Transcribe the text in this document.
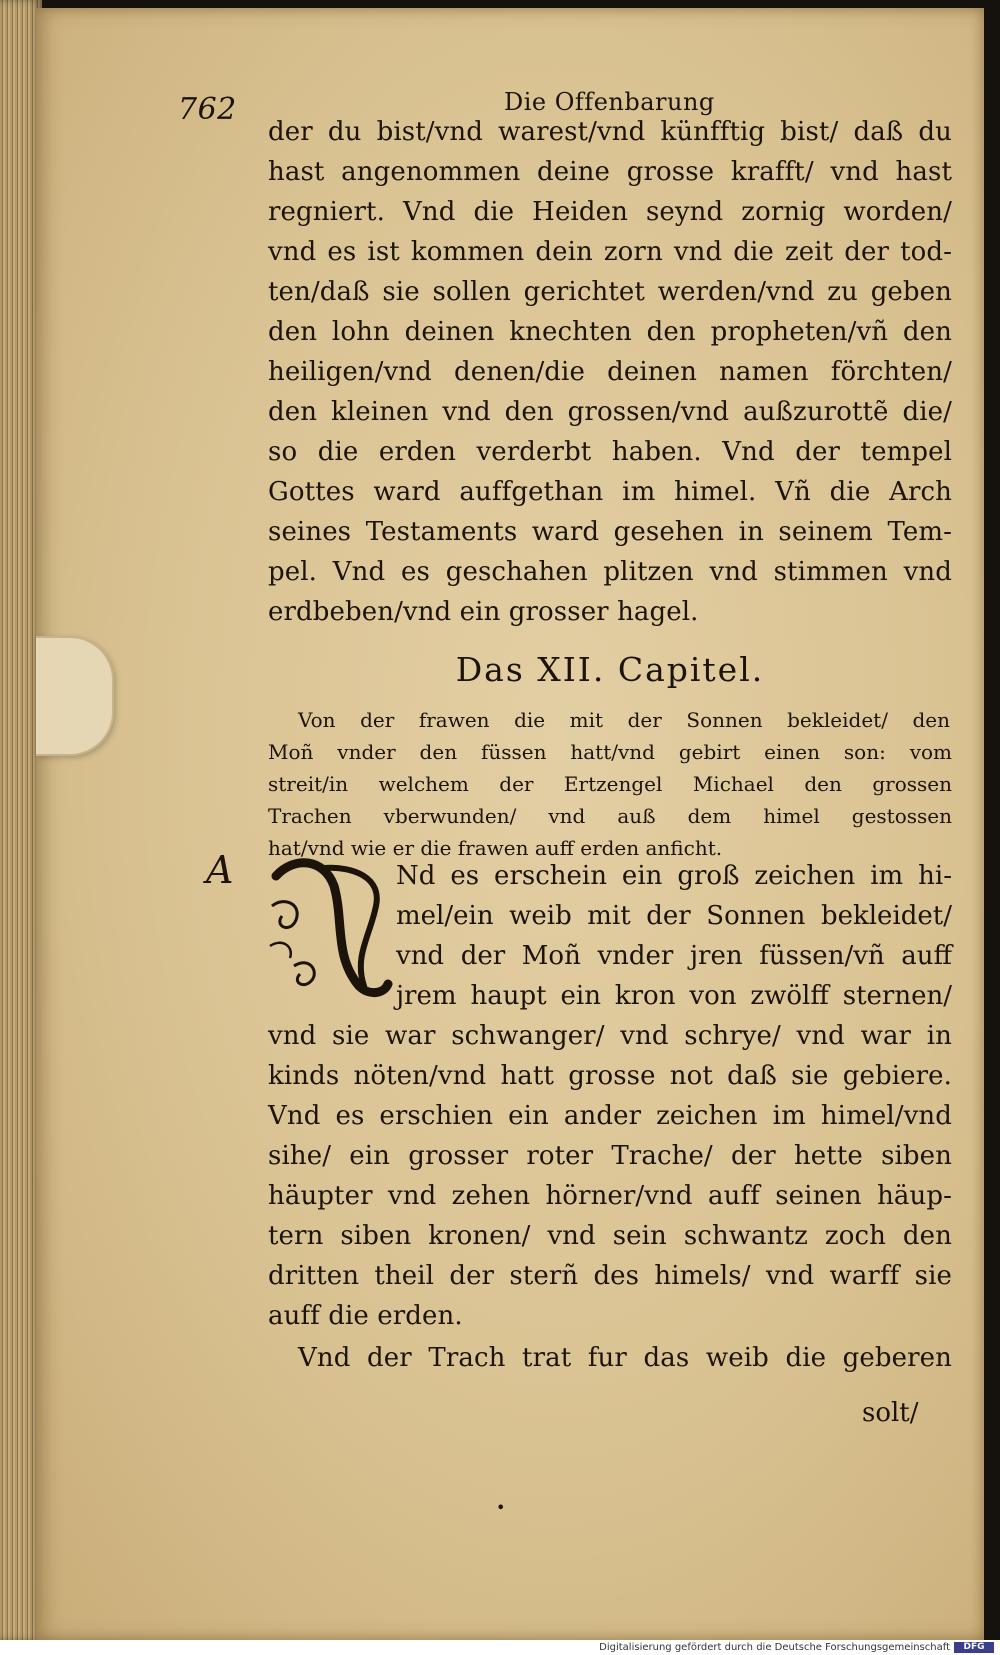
762	Die Offenbarung
der du bist/vnd warest/vnd künfftig bist/ daß du
hast angenommen deine grosse krafft/ vnd hast
regniert. Vnd die Heiden seynd zornig worden/
vnd es ist kommen dein zorn vnd die zeit der tod-
ten/daß sie sollen gerichtet werden/vnd zu geben
den lohn deinen knechten den propheten/vñ den
heiligen/vnd denen/die deinen namen förchten/
den kleinen vnd den grossen/vnd außzurottẽ die/
so die erden verderbt haben. Vnd der tempel
Gottes ward auffgethan im himel. Vñ die Arch
seines Testaments ward gesehen in seinem Tem-
pel. Vnd es geschahen plitzen vnd stimmen vnd
erdbeben/vnd ein grosser hagel.
Das XII. Capitel.
Von der frawen die mit der Sonnen bekleidet/ den
Moñ vnder den füssen hatt/vnd gebirt einen son: vom
streit/in welchem der Ertzengel Michael den grossen
Trachen vberwunden/ vnd auß dem himel gestossen
hat/vnd wie er die frawen auff erden anficht.
A	Nd es erschein ein groß zeichen im hi-
mel/ein weib mit der Sonnen bekleidet/
vnd der Moñ vnder jren füssen/vñ auff
jrem haupt ein kron von zwölff sternen/
vnd sie war schwanger/ vnd schrye/ vnd war in
kinds nöten/vnd hatt grosse not daß sie gebiere.
Vnd es erschien ein ander zeichen im himel/vnd
sihe/ ein grosser roter Trache/ der hette siben
häupter vnd zehen hörner/vnd auff seinen häup-
tern siben kronen/ vnd sein schwantz zoch den
dritten theil der sterñ des himels/ vnd warff sie
auff die erden.
Vnd der Trach trat fur das weib die geberen
solt/
•
Digitalisierung gefördert durch die Deutsche Forschungsgemeinschaft	DFG
